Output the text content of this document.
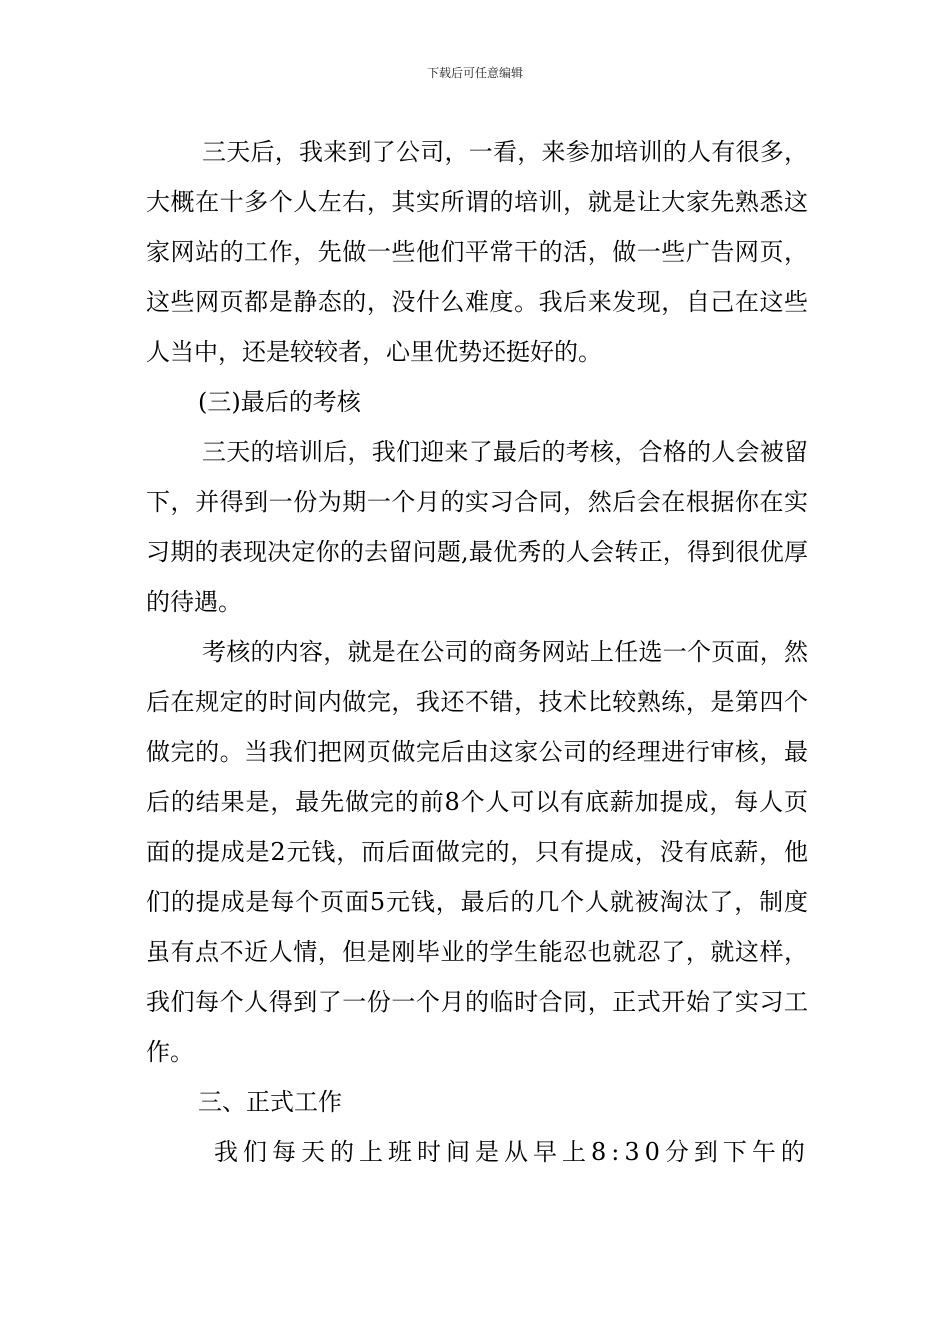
下载后可任意编辑

三天后，我来到了公司，一看，来参加培训的人有很多，大概在十多个人左右，其实所谓的培训，就是让大家先熟悉这家网站的工作，先做一些他们平常干的活，做一些广告网页，这些网页都是静态的，没什么难度。我后来发现，自己在这些人当中，还是较较者，心里优势还挺好的。

(三)最后的考核

三天的培训后，我们迎来了最后的考核，合格的人会被留下，并得到一份为期一个月的实习合同，然后会在根据你在实习期的表现决定你的去留问题,最优秀的人会转正，得到很优厚的待遇。

考核的内容，就是在公司的商务网站上任选一个页面，然后在规定的时间内做完，我还不错，技术比较熟练，是第四个做完的。当我们把网页做完后由这家公司的经理进行审核，最后的结果是，最先做完的前8个人可以有底薪加提成，每人页面的提成是2元钱，而后面做完的，只有提成，没有底薪，他们的提成是每个页面5元钱，最后的几个人就被淘汰了，制度虽有点不近人情，但是刚毕业的学生能忍也就忍了，就这样，我们每个人得到了一份一个月的临时合同，正式开始了实习工作。

三、正式工作

我们每天的上班时间是从早上8:30分到下午的
